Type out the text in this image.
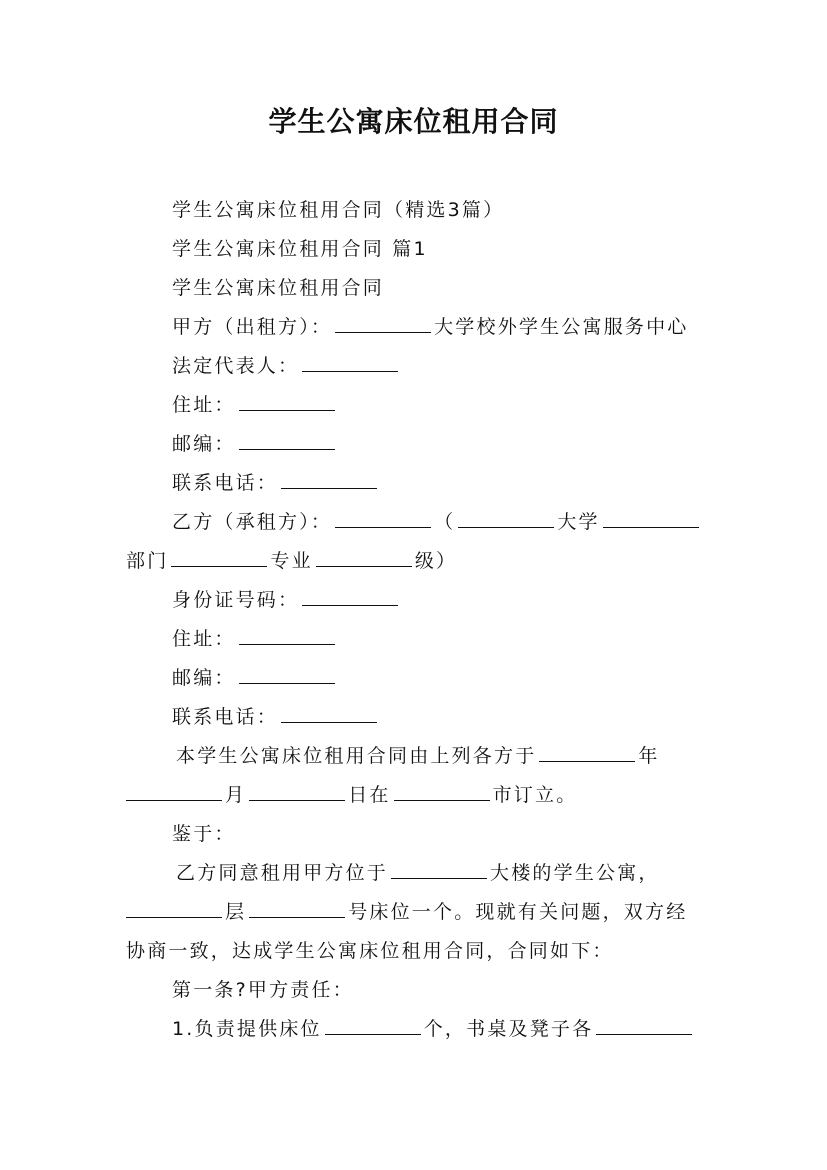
学生公寓床位租用合同
学生公寓床位租用合同（精选3篇）
学生公寓床位租用合同 篇1
学生公寓床位租用合同
甲方（出租方）：	大学校外学生公寓服务中心
法定代表人：
住址：
邮编：
联系电话：
乙方（承租方）：	（	大学
部门	专业	级）
身份证号码：
住址：
邮编：
联系电话：
本学生公寓床位租用合同由上列各方于	年
月	日在	市订立。
鉴于：
乙方同意租用甲方位于	大楼的学生公寓，
层	号床位一个。现就有关问题，双方经
协商一致，达成学生公寓床位租用合同，合同如下：
第一条?甲方责任：
1.负责提供床位	个，书桌及凳子各
